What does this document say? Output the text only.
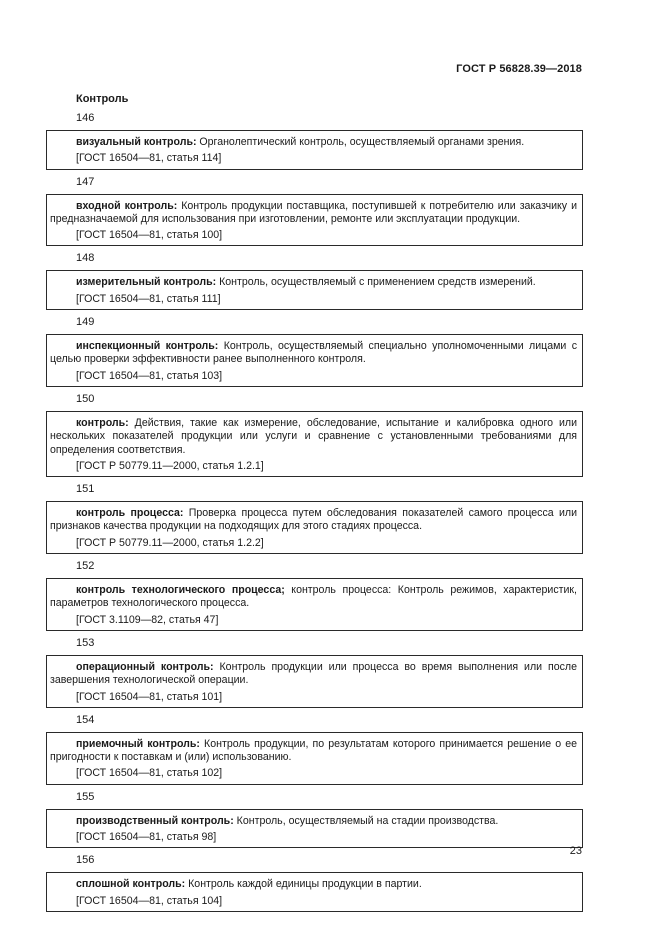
ГОСТ Р 56828.39—2018
Контроль
146
визуальный контроль: Органолептический контроль, осуществляемый органами зрения.
[ГОСТ 16504—81, статья 114]
147
входной контроль: Контроль продукции поставщика, поступившей к потребителю или заказчику и предназначаемой для использования при изготовлении, ремонте или эксплуатации продукции.
[ГОСТ 16504—81, статья 100]
148
измерительный контроль: Контроль, осуществляемый с применением средств измерений.
[ГОСТ 16504—81, статья 111]
149
инспекционный контроль: Контроль, осуществляемый специально уполномоченными лицами с целью проверки эффективности ранее выполненного контроля.
[ГОСТ 16504—81, статья 103]
150
контроль: Действия, такие как измерение, обследование, испытание и калибровка одного или нескольких показателей продукции или услуги и сравнение с установленными требованиями для определения соответствия.
[ГОСТ Р 50779.11—2000, статья 1.2.1]
151
контроль процесса: Проверка процесса путем обследования показателей самого процесса или признаков качества продукции на подходящих для этого стадиях процесса.
[ГОСТ Р 50779.11—2000, статья 1.2.2]
152
контроль технологического процесса; контроль процесса: Контроль режимов, характеристик, параметров технологического процесса.
[ГОСТ 3.1109—82, статья 47]
153
операционный контроль: Контроль продукции или процесса во время выполнения или после завершения технологической операции.
[ГОСТ 16504—81, статья 101]
154
приемочный контроль: Контроль продукции, по результатам которого принимается решение о ее пригодности к поставкам и (или) использованию.
[ГОСТ 16504—81, статья 102]
155
производственный контроль: Контроль, осуществляемый на стадии производства.
[ГОСТ 16504—81, статья 98]
156
сплошной контроль: Контроль каждой единицы продукции в партии.
[ГОСТ 16504—81, статья 104]
23
